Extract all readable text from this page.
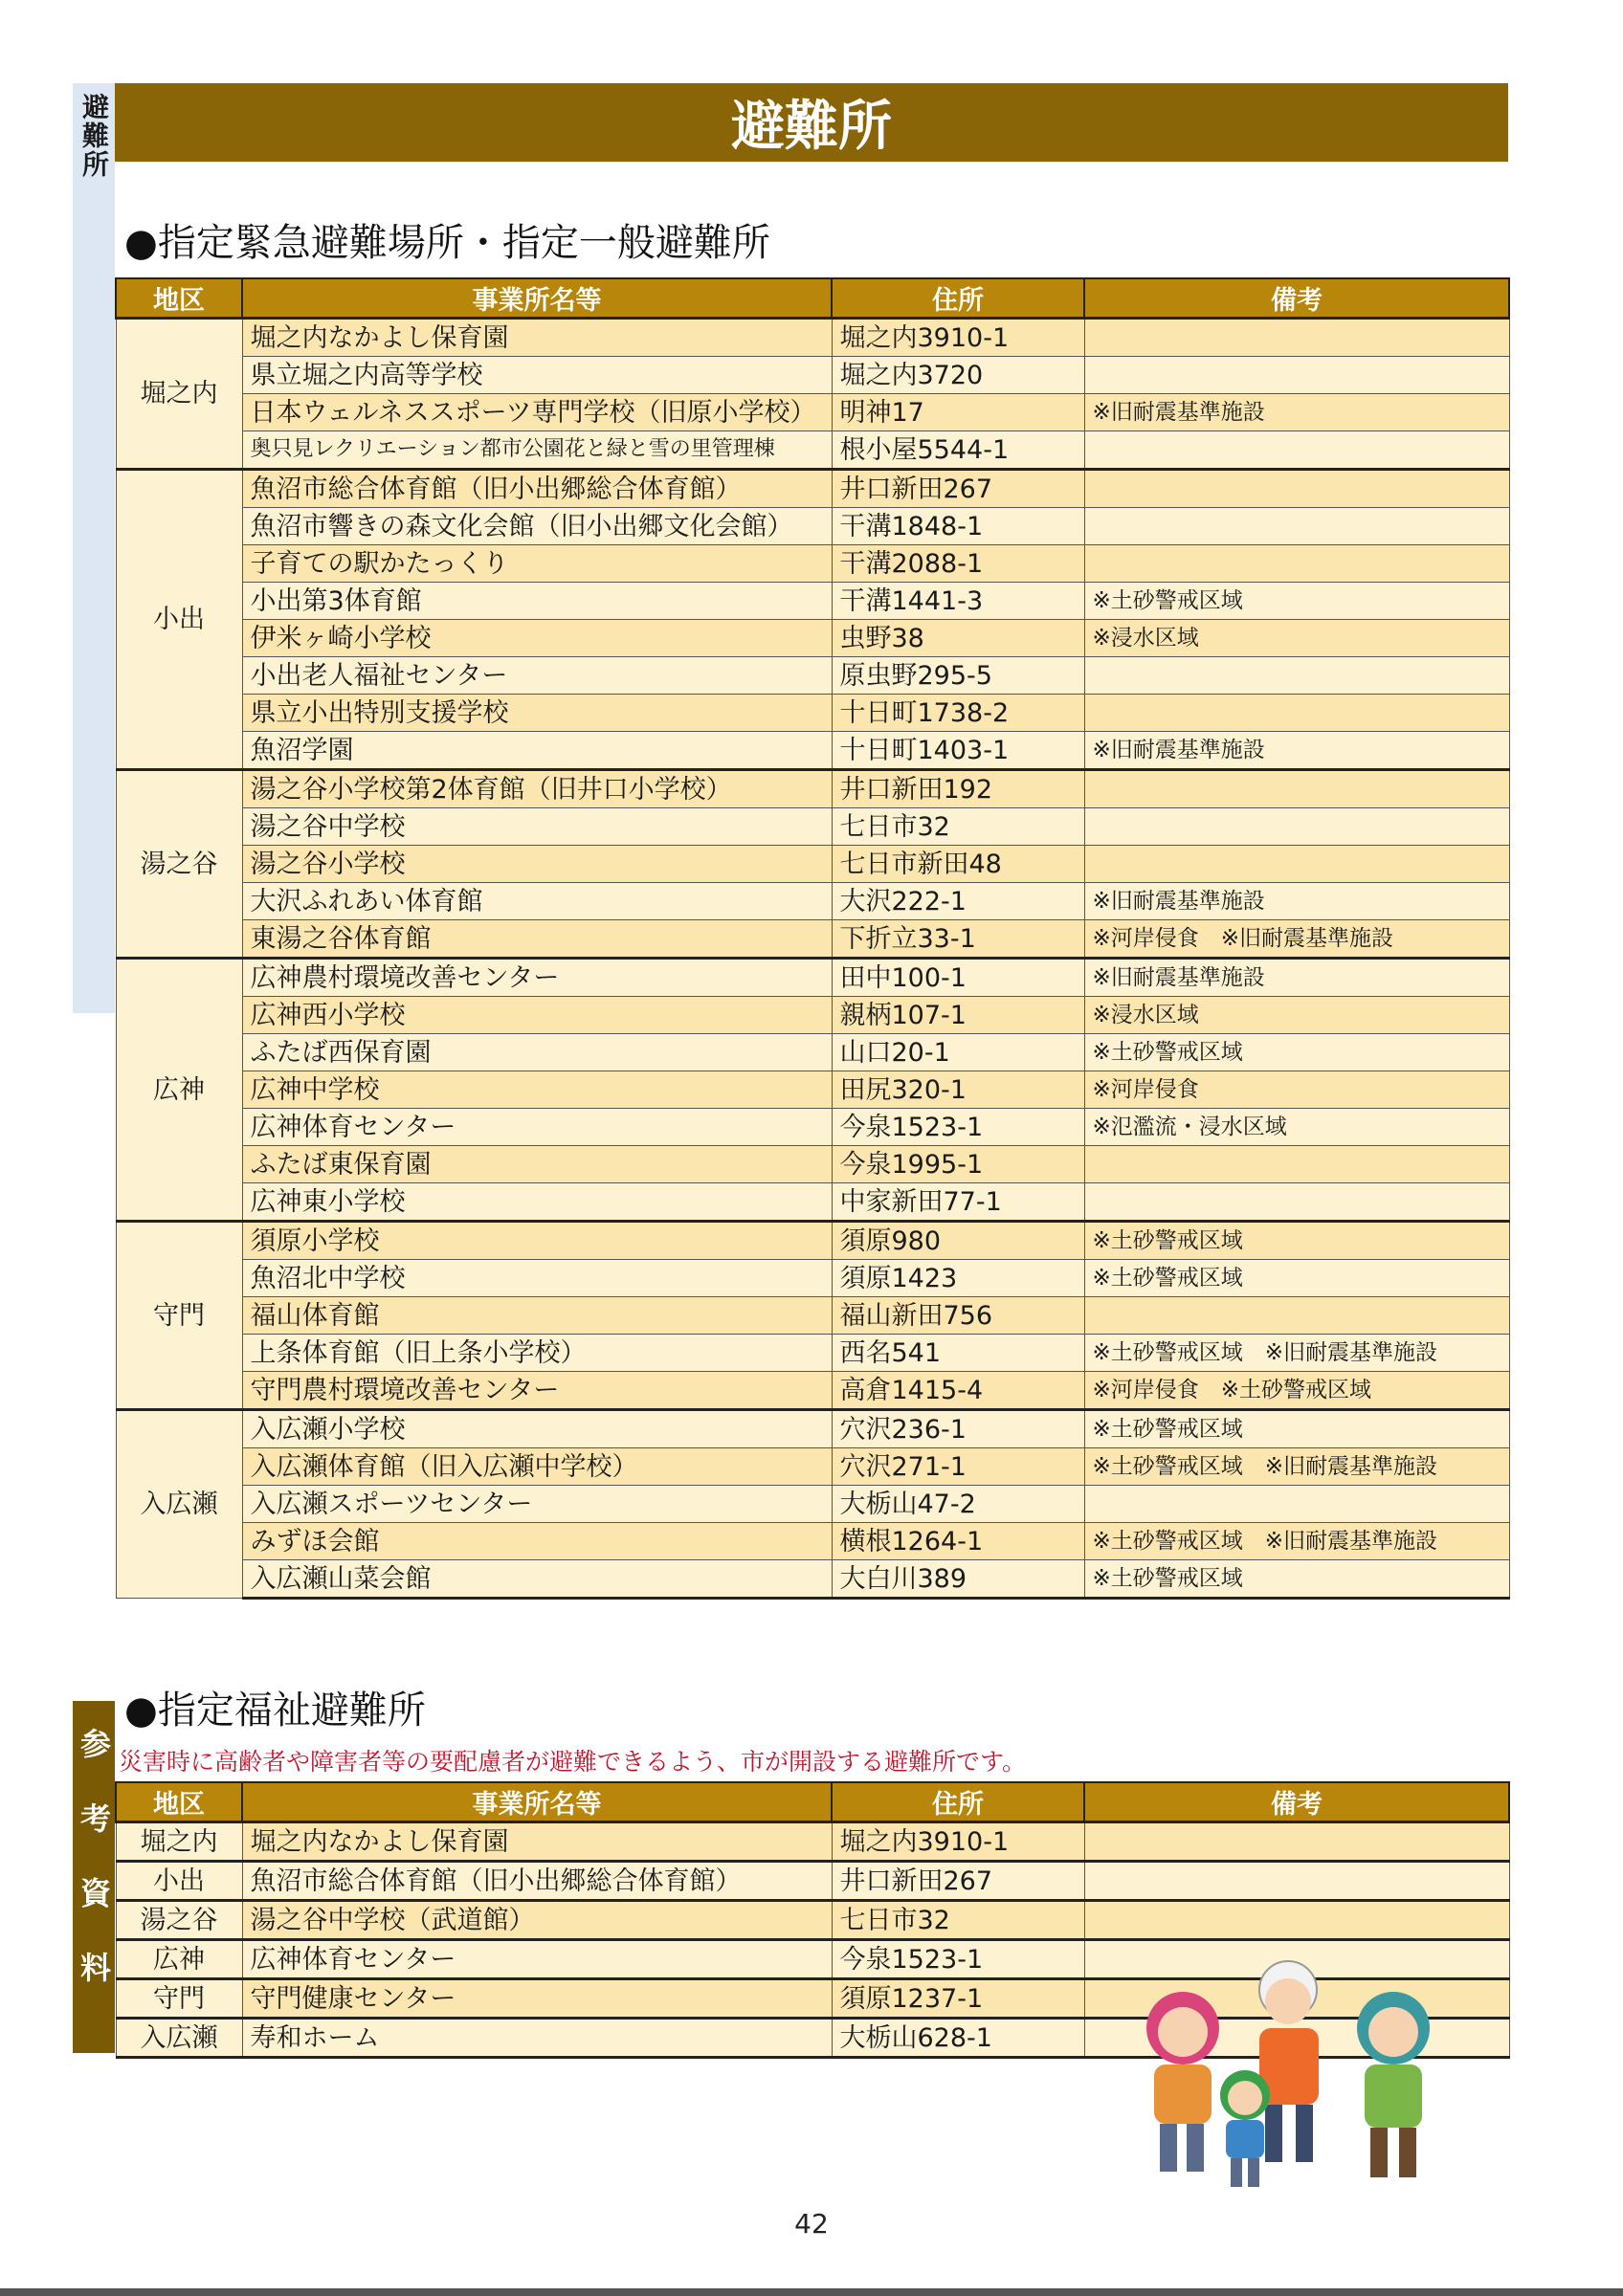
避難所
参考資料
避難所
●指定緊急避難場所・指定一般避難所
地区	事業所名等	住所	備考
堀之内	堀之内なかよし保育園	堀之内3910-1	
	県立堀之内高等学校	堀之内3720	
	日本ウェルネススポーツ専門学校（旧原小学校）	明神17	※旧耐震基準施設
	奥只見レクリエーション都市公園花と緑と雪の里管理棟	根小屋5544-1	
小出	魚沼市総合体育館（旧小出郷総合体育館）	井口新田267	
	魚沼市響きの森文化会館（旧小出郷文化会館）	干溝1848-1	
	子育ての駅かたっくり	干溝2088-1	
	小出第3体育館	干溝1441-3	※土砂警戒区域
	伊米ヶ崎小学校	虫野38	※浸水区域
	小出老人福祉センター	原虫野295-5	
	県立小出特別支援学校	十日町1738-2	
	魚沼学園	十日町1403-1	※旧耐震基準施設
湯之谷	湯之谷小学校第2体育館（旧井口小学校）	井口新田192	
	湯之谷中学校	七日市32	
	湯之谷小学校	七日市新田48	
	大沢ふれあい体育館	大沢222-1	※旧耐震基準施設
	東湯之谷体育館	下折立33-1	※河岸侵食　※旧耐震基準施設
広神	広神農村環境改善センター	田中100-1	※旧耐震基準施設
	広神西小学校	親柄107-1	※浸水区域
	ふたば西保育園	山口20-1	※土砂警戒区域
	広神中学校	田尻320-1	※河岸侵食
	広神体育センター	今泉1523-1	※氾濫流・浸水区域
	ふたば東保育園	今泉1995-1	
	広神東小学校	中家新田77-1	
守門	須原小学校	須原980	※土砂警戒区域
	魚沼北中学校	須原1423	※土砂警戒区域
	福山体育館	福山新田756	
	上条体育館（旧上条小学校）	西名541	※土砂警戒区域　※旧耐震基準施設
	守門農村環境改善センター	高倉1415-4	※河岸侵食　※土砂警戒区域
入広瀬	入広瀬小学校	穴沢236-1	※土砂警戒区域
	入広瀬体育館（旧入広瀬中学校）	穴沢271-1	※土砂警戒区域　※旧耐震基準施設
	入広瀬スポーツセンター	大栃山47-2	
	みずほ会館	横根1264-1	※土砂警戒区域　※旧耐震基準施設
	入広瀬山菜会館	大白川389	※土砂警戒区域
●指定福祉避難所
災害時に高齢者や障害者等の要配慮者が避難できるよう、市が開設する避難所です。
地区	事業所名等	住所	備考
堀之内	堀之内なかよし保育園	堀之内3910-1	
小出	魚沼市総合体育館（旧小出郷総合体育館）	井口新田267	
湯之谷	湯之谷中学校（武道館）	七日市32	
広神	広神体育センター	今泉1523-1	
守門	守門健康センター	須原1237-1	
入広瀬	寿和ホーム	大栃山628-1	
42
